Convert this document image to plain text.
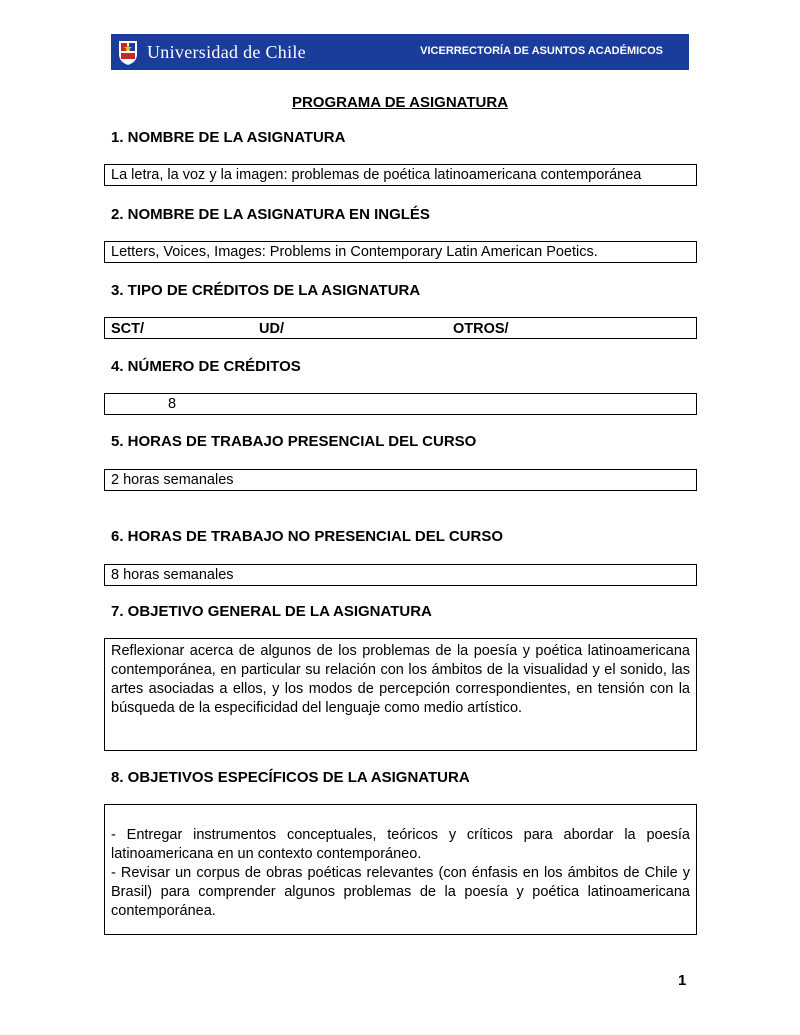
Universidad de Chile	VICERRECTORÍA DE ASUNTOS ACADÉMICOS
PROGRAMA DE ASIGNATURA
1. NOMBRE DE LA ASIGNATURA
La letra, la voz y la imagen: problemas de poética latinoamericana contemporánea
2. NOMBRE DE LA ASIGNATURA EN INGLÉS
Letters, Voices, Images: Problems in Contemporary Latin American Poetics.
3. TIPO DE CRÉDITOS DE LA ASIGNATURA
SCT/	UD/	OTROS/
4. NÚMERO DE CRÉDITOS
8
5. HORAS DE TRABAJO PRESENCIAL DEL CURSO
2 horas semanales
6. HORAS DE TRABAJO NO PRESENCIAL DEL CURSO
8 horas semanales
7. OBJETIVO GENERAL DE LA ASIGNATURA
Reflexionar acerca de algunos de los problemas de la poesía y poética latinoamericana contemporánea, en particular su relación con los ámbitos de la visualidad y el sonido, las artes asociadas a ellos, y los modos de percepción correspondientes, en tensión con la búsqueda de la especificidad del lenguaje como medio artístico.
8. OBJETIVOS ESPECÍFICOS DE LA ASIGNATURA
- Entregar instrumentos conceptuales, teóricos y críticos para abordar la poesía latinoamericana en un contexto contemporáneo.
- Revisar un corpus de obras poéticas relevantes (con énfasis en los ámbitos de Chile y Brasil) para comprender algunos problemas de la poesía y poética latinoamericana contemporánea.
1
